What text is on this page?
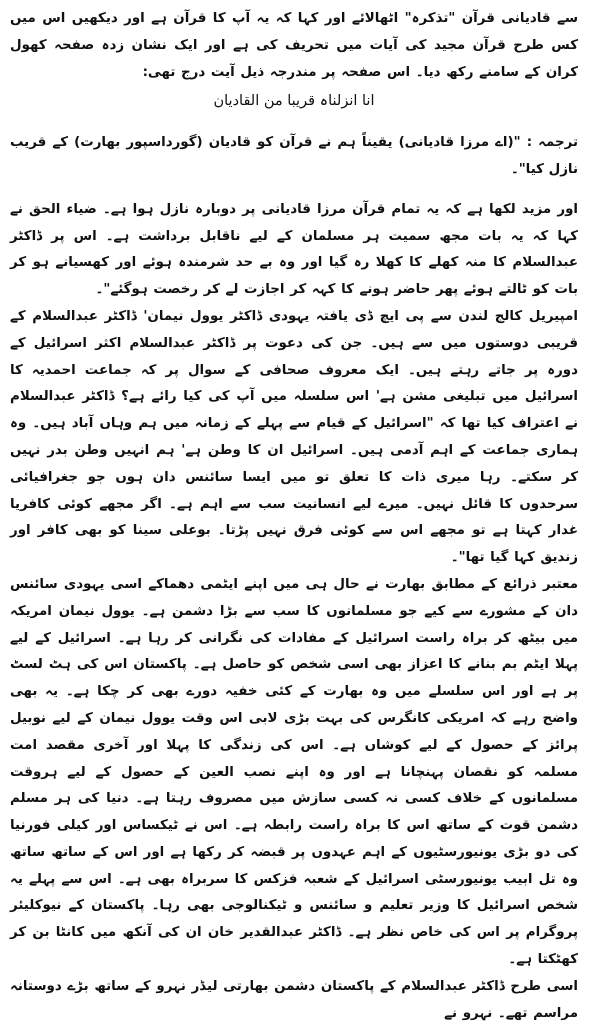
سے قادیانی قرآن "تذکرہ" اٹھالائے اور کہا کہ یہ آپ کا قرآن ہے اور دیکھیں اس میں کس طرح قرآن مجید کی آیات میں تحریف کی ہے اور ایک نشان زدہ صفحہ کھول کران کے سامنے رکھ دیا۔ اس صفحہ پر مندرجہ ذیل آیت درج تھی:

انا انزلناہ قریبا من القادیان

ترجمہ : "(اے مرزا قادیانی) یقیناً ہم نے قرآن کو قادیان (گورداسپور بھارت) کے قریب نازل کیا"۔

اور مزید لکھا ہے کہ یہ تمام قرآن مرزا قادیانی پر دوبارہ نازل ہوا ہے۔ ضیاء الحق نے کہا کہ یہ بات مجھ سمیت ہر مسلمان کے لیے ناقابل برداشت ہے۔ اس پر ڈاکٹر عبدالسلام کا منہ کھلے کا کھلا رہ گیا اور وہ بے حد شرمندہ ہوئے اور کھسیانے ہو کر بات کو ٹالتے ہوئے پھر حاضر ہونے کا کہہ کر اجازت لے کر رخصت ہوگئے"۔

امپیریل کالج لندن سے پی ایچ ڈی یافتہ یہودی ڈاکٹر یوول نیمان' ڈاکٹر عبدالسلام کے قریبی دوستوں میں سے ہیں۔ جن کی دعوت پر ڈاکٹر عبدالسلام اکثر اسرائیل کے دورہ پر جاتے رہتے ہیں۔ ایک معروف صحافی کے سوال پر کہ جماعت احمدیہ کا اسرائیل میں تبلیغی مشن ہے' اس سلسلہ میں آپ کی کیا رائے ہے؟ ڈاکٹر عبدالسلام نے اعتراف کیا تھا کہ "اسرائیل کے قیام سے پہلے کے زمانہ میں ہم وہاں آباد ہیں۔ وہ ہماری جماعت کے اہم آدمی ہیں۔ اسرائیل ان کا وطن ہے' ہم انہیں وطن بدر نہیں کر سکتے۔ رہا میری ذات کا تعلق تو میں ایسا سائنس دان ہوں جو جغرافیائی سرحدوں کا قائل نہیں۔ میرے لیے انسانیت سب سے اہم ہے۔ اگر مجھے کوئی کافریا غدار کہتا ہے تو مجھے اس سے کوئی فرق نہیں پڑتا۔ بوعلی سینا کو بھی کافر اور زندیق کہا گیا تھا"۔

معتبر ذرائع کے مطابق بھارت نے حال ہی میں اپنے ایٹمی دھماکے اسی یہودی سائنس دان کے مشورے سے کیے جو مسلمانوں کا سب سے بڑا دشمن ہے۔ یوول نیمان امریکہ میں بیٹھ کر براہ راست اسرائیل کے مفادات کی نگرانی کر رہا ہے۔ اسرائیل کے لیے پہلا ایٹم بم بنانے کا اعزاز بھی اسی شخص کو حاصل ہے۔ پاکستان اس کی ہٹ لسٹ پر ہے اور اس سلسلے میں وہ بھارت کے کئی خفیہ دورے بھی کر چکا ہے۔ یہ بھی واضح رہے کہ امریکی کانگرس کی بہت بڑی لابی اس وقت یوول نیمان کے لیے نوبیل پرائز کے حصول کے لیے کوشاں ہے۔ اس کی زندگی کا پہلا اور آخری مقصد امت مسلمہ کو نقصان پہنچانا ہے اور وہ اپنے نصب العین کے حصول کے لیے ہروقت مسلمانوں کے خلاف کسی نہ کسی سازش میں مصروف رہتا ہے۔ دنیا کی ہر مسلم دشمن قوت کے ساتھ اس کا براہ راست رابطہ ہے۔ اس نے ٹیکساس اور کیلی فورنیا کی دو بڑی یونیورسٹیوں کے اہم عہدوں پر قبضہ کر رکھا ہے اور اس کے ساتھ ساتھ وہ تل ابیب یونیورسٹی اسرائیل کے شعبہ فزکس کا سربراہ بھی ہے۔ اس سے پہلے یہ شخص اسرائیل کا وزیر تعلیم و سائنس و ٹیکنالوجی بھی رہا۔ پاکستان کے نیوکلیئر پروگرام پر اس کی خاص نظر ہے۔ ڈاکٹر عبدالقدیر خان ان کی آنکھ میں کانٹا بن کر کھٹکتا ہے۔

اسی طرح ڈاکٹر عبدالسلام کے پاکستان دشمن بھارتی لیڈر نہرو کے ساتھ بڑے دوستانہ مراسم تھے۔ نہرو نے
